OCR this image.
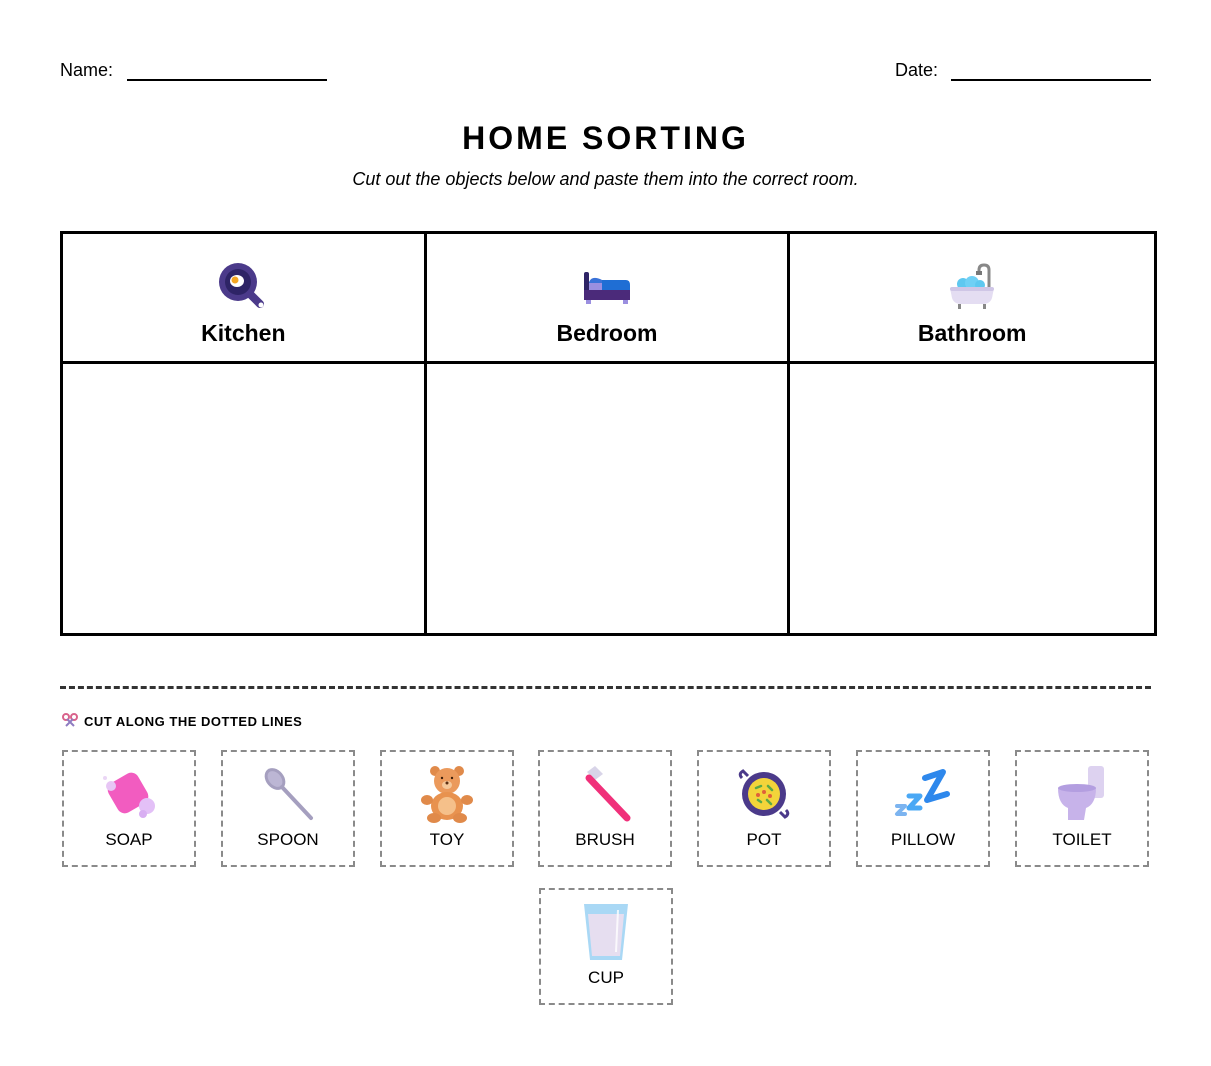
Name:	Date:
HOME SORTING
Cut out the objects below and paste them into the correct room.
Kitchen	Bedroom	Bathroom
CUT ALONG THE DOTTED LINES
SOAP	SPOON	TOY	BRUSH	POT	PILLOW	TOILET
CUP
